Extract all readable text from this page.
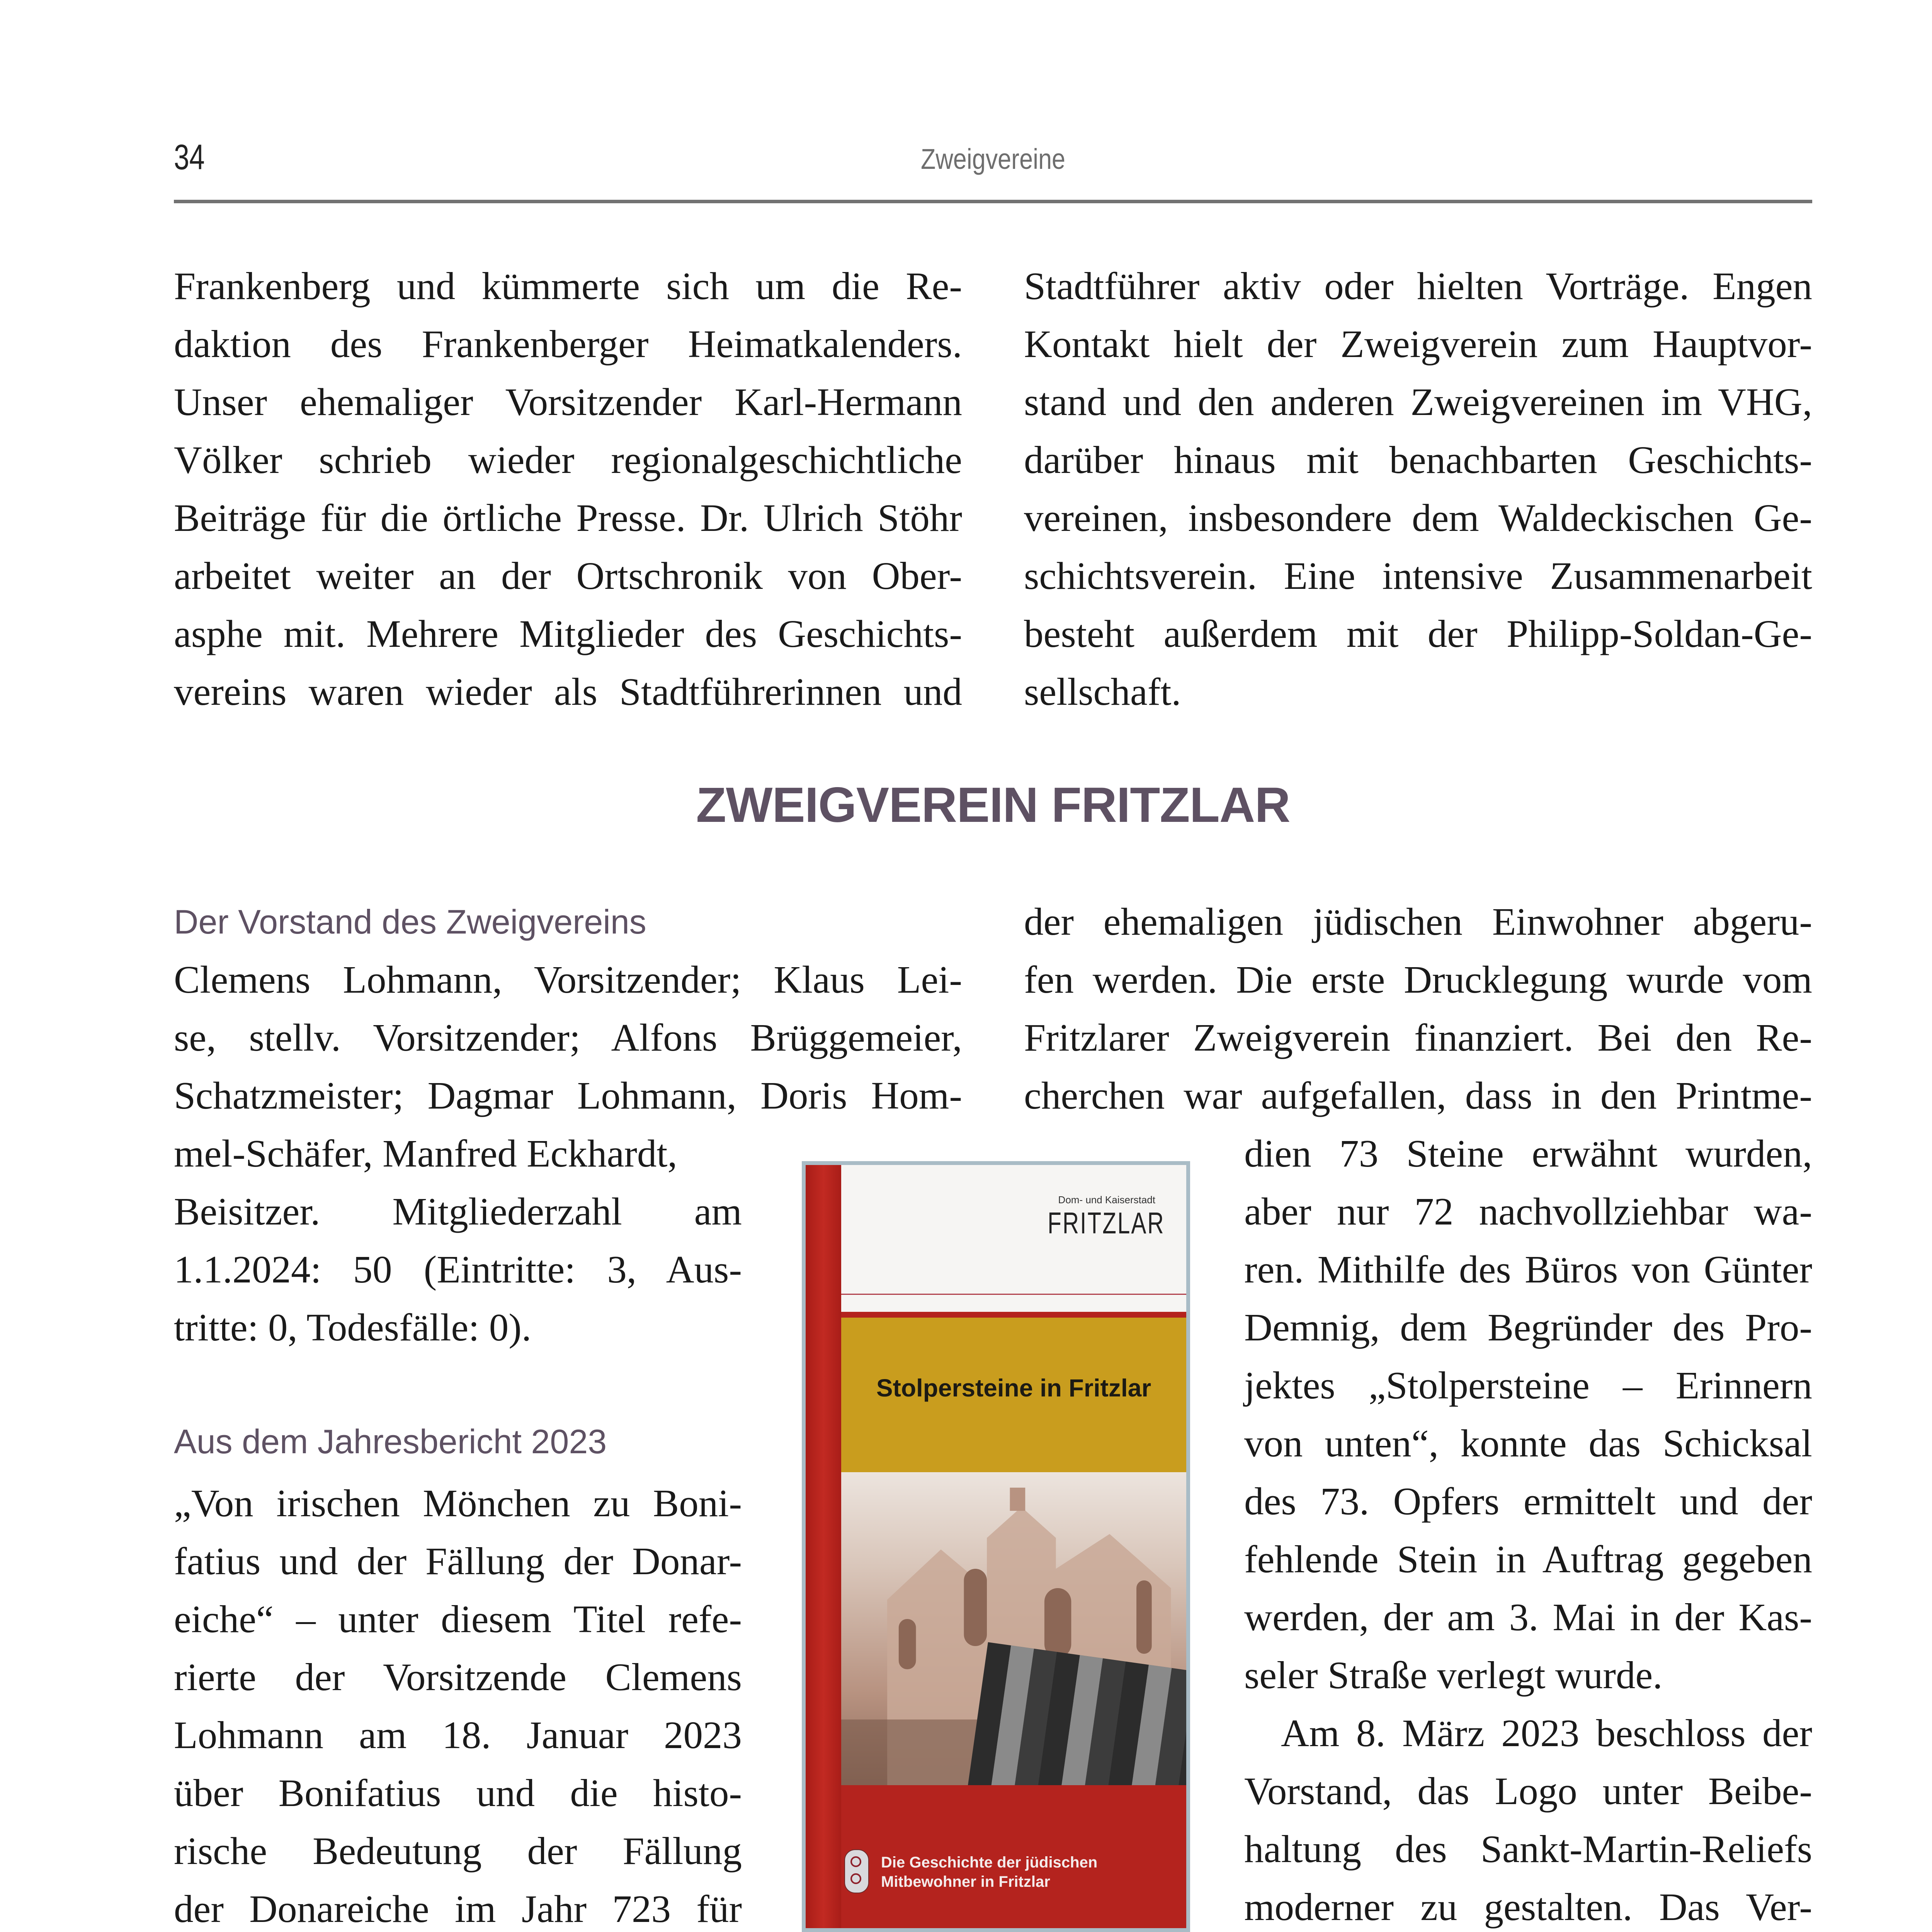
34	Zweigvereine
Frankenberg und kümmerte sich um die Re-
daktion des Frankenberger Heimatkalenders.
Unser ehemaliger Vorsitzender Karl-Hermann
Völker schrieb wieder regionalgeschichtliche
Beiträge für die örtliche Presse. Dr. Ulrich Stöhr
arbeitet weiter an der Ortschronik von Ober-
asphe mit. Mehrere Mitglieder des Geschichts-
vereins waren wieder als Stadtführerinnen und
Stadtführer aktiv oder hielten Vorträge. Engen
Kontakt hielt der Zweigverein zum Hauptvor-
stand und den anderen Zweigvereinen im VHG,
darüber hinaus mit benachbarten Geschichts-
vereinen, insbesondere dem Waldeckischen Ge-
schichtsverein. Eine intensive Zusammenarbeit
besteht außerdem mit der Philipp-Soldan-Ge-
sellschaft.
ZWEIGVEREIN FRITZLAR
Der Vorstand des Zweigvereins
Clemens Lohmann, Vorsitzender; Klaus Lei-
se, stellv. Vorsitzender; Alfons Brüggemeier,
Schatzmeister; Dagmar Lohmann, Doris Hom-
mel-Schäfer, Manfred Eckhardt,
Beisitzer. Mitgliederzahl am
1.1.2024: 50 (Eintritte: 3, Aus-
tritte: 0, Todesfälle: 0).
Aus dem Jahresbericht 2023
„Von irischen Mönchen zu Boni-
fatius und der Fällung der Donar-
eiche“ – unter diesem Titel refe-
rierte der Vorsitzende Clemens
Lohmann am 18. Januar 2023
über Bonifatius und die histo-
rische Bedeutung der Fällung
der Donareiche im Jahr 723 für
der ehemaligen jüdischen Einwohner abgeru-
fen werden. Die erste Drucklegung wurde vom
Fritzlarer Zweigverein finanziert. Bei den Re-
cherchen war aufgefallen, dass in den Printme-
dien 73 Steine erwähnt wurden,
aber nur 72 nachvollziehbar wa-
ren. Mithilfe des Büros von Günter
Demnig, dem Begründer des Pro-
jektes „Stolpersteine – Erinnern
von unten“, konnte das Schicksal
des 73. Opfers ermittelt und der
fehlende Stein in Auftrag gegeben
werden, der am 3. Mai in der Kas-
seler Straße verlegt wurde.
Am 8. März 2023 beschloss der
Vorstand, das Logo unter Beibe-
haltung des Sankt-Martin-Reliefs
moderner zu gestalten. Das Ver-
Dom- und Kaiserstadt
FRITZLAR
Stolpersteine in Fritzlar
Die Geschichte der jüdischen
Mitbewohner in Fritzlar
